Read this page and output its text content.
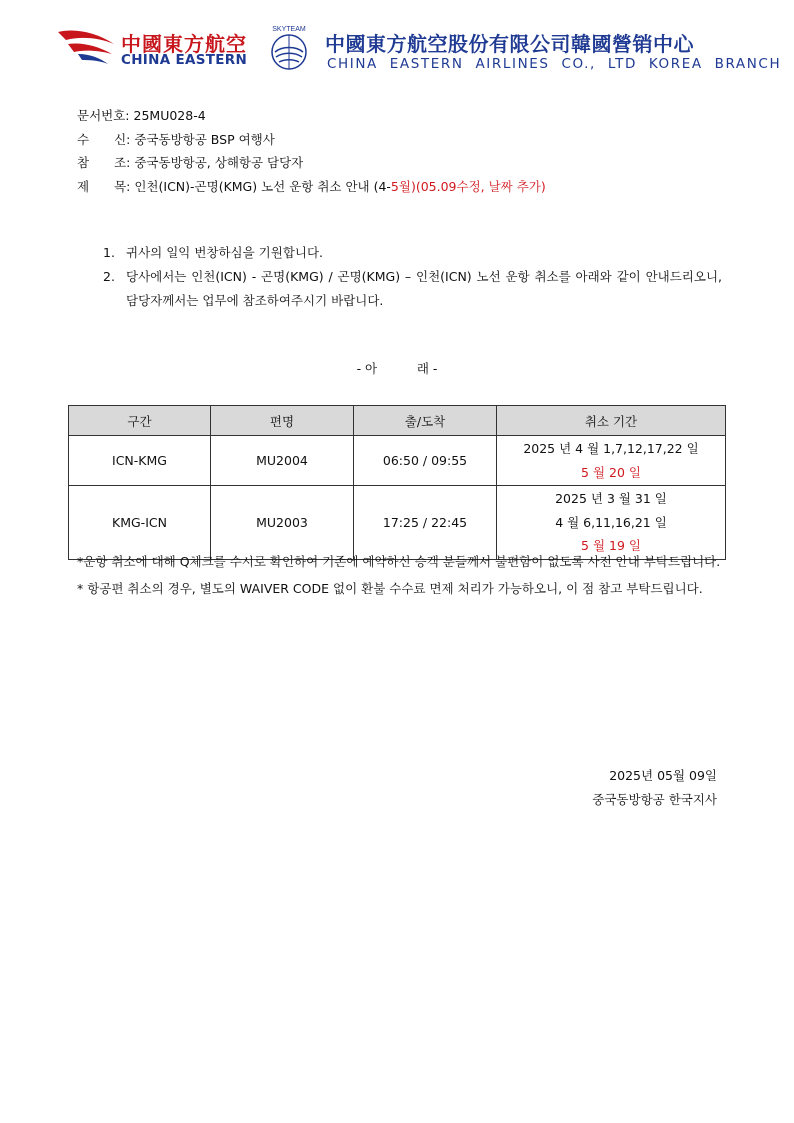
中國東方航空
CHINA EASTERN
SKYTEAM
中國東方航空股份有限公司韓國營销中心
CHINA EASTERN AIRLINES CO., LTD KOREA BRANCH
문서번호: 25MU028-4
수　　신: 중국동방항공 BSP 여행사
참　　조: 중국동방항공, 상해항공 담당자
제　　목: 인천(ICN)-곤명(KMG) 노선 운항 취소 안내 (4-5월)(05.09수정, 날짜 추가)
1. 귀사의 일익 번창하심을 기원합니다.
2. 당사에서는 인천(ICN) - 곤명(KMG) / 곤명(KMG) – 인천(ICN) 노선 운항 취소를 아래와 같이 안내드리오니, 담당자께서는 업무에 참조하여주시기 바랍니다.
- 아          래 -
구간	편명	출/도착	취소 기간
ICN-KMG	MU2004	06:50 / 09:55	2025 년 4 월 1,7,12,17,22 일
5 월 20 일

KMG-ICN	MU2003	17:25 / 22:45	2025 년 3 월 31 일
4 월 6,11,16,21 일
5 월 19 일

*운항 취소에 대해 Q체크를 수시로 확인하여 기존에 예약하신 승객 분들께서 불편함이 없도록 사전 안내 부탁드립니다.

* 항공편 취소의 경우, 별도의 WAIVER CODE 없이 환불 수수료 면제 처리가 가능하오니, 이 점 참고 부탁드립니다.

2025년 05월 09일
중국동방항공 한국지사
